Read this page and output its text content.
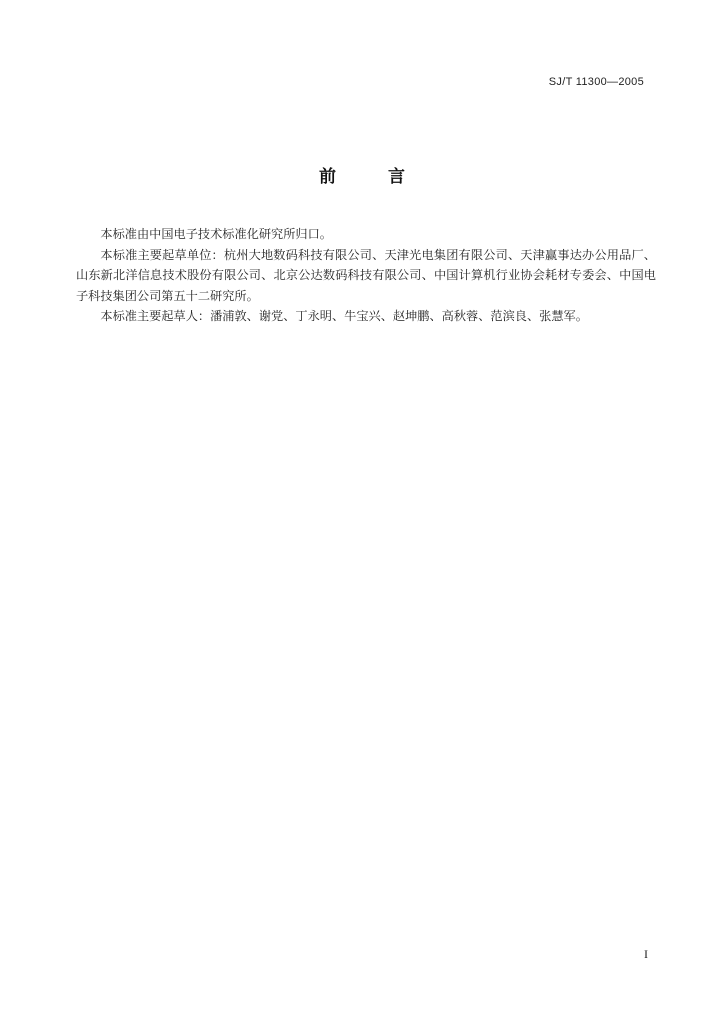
SJ/T 11300—2005
前	言

本标准由中国电子技术标准化研究所归口。

本标准主要起草单位：杭州大地数码科技有限公司、天津光电集团有限公司、天津赢事达办公用品厂、山东新北洋信息技术股份有限公司、北京公达数码科技有限公司、中国计算机行业协会耗材专委会、中国电子科技集团公司第五十二研究所。

本标准主要起草人：潘浦敦、谢党、丁永明、牛宝兴、赵坤鹏、高秋蓉、范滨良、张慧军。

I
